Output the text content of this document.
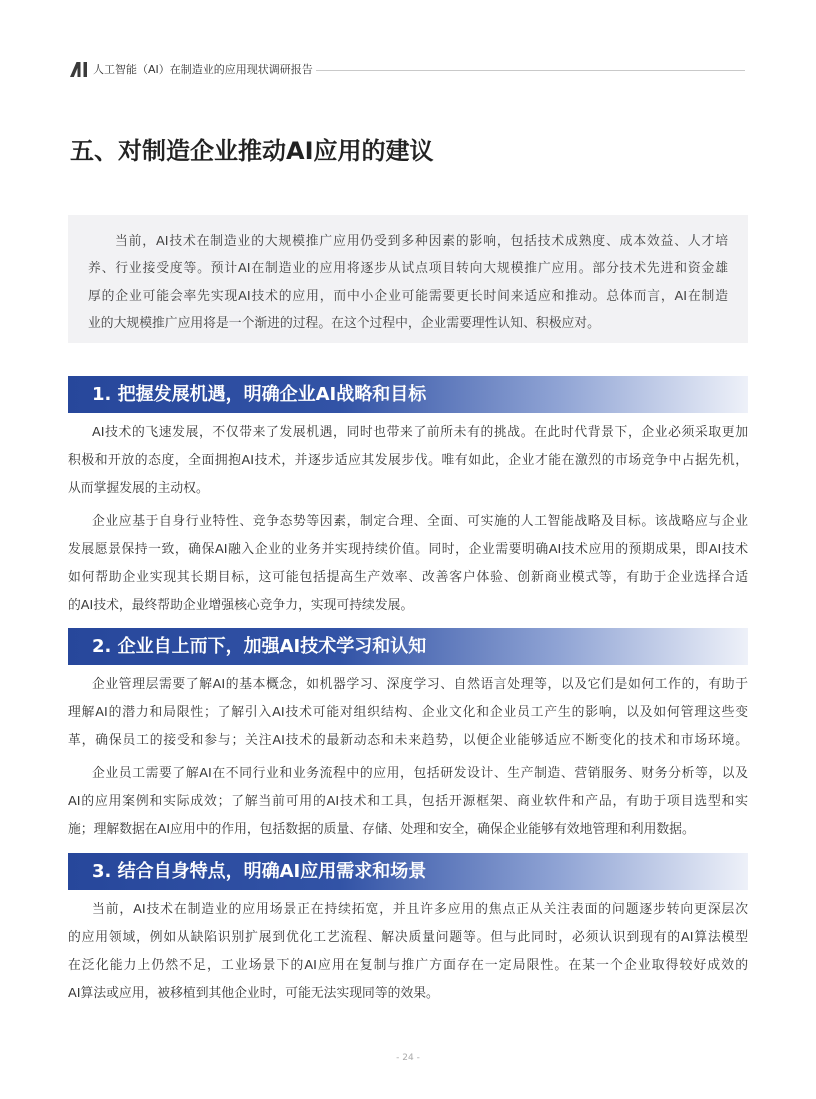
人工智能（AI）在制造业的应用现状调研报告
五、对制造企业推动AI应用的建议
当前，AI技术在制造业的大规模推广应用仍受到多种因素的影响，包括技术成熟度、成本效益、人才培
养、行业接受度等。预计AI在制造业的应用将逐步从试点项目转向大规模推广应用。部分技术先进和资金雄
厚的企业可能会率先实现AI技术的应用，而中小企业可能需要更长时间来适应和推动。总体而言，AI在制造
业的大规模推广应用将是一个渐进的过程。在这个过程中，企业需要理性认知、积极应对。
1. 把握发展机遇，明确企业AI战略和目标
AI技术的飞速发展，不仅带来了发展机遇，同时也带来了前所未有的挑战。在此时代背景下，企业必须采取更加
积极和开放的态度，全面拥抱AI技术，并逐步适应其发展步伐。唯有如此，企业才能在激烈的市场竞争中占据先机，
从而掌握发展的主动权。
企业应基于自身行业特性、竞争态势等因素，制定合理、全面、可实施的人工智能战略及目标。该战略应与企业
发展愿景保持一致，确保AI融入企业的业务并实现持续价值。同时，企业需要明确AI技术应用的预期成果，即AI技术
如何帮助企业实现其长期目标，这可能包括提高生产效率、改善客户体验、创新商业模式等，有助于企业选择合适
的AI技术，最终帮助企业增强核心竞争力，实现可持续发展。
2. 企业自上而下，加强AI技术学习和认知
企业管理层需要了解AI的基本概念，如机器学习、深度学习、自然语言处理等，以及它们是如何工作的，有助于
理解AI的潜力和局限性；了解引入AI技术可能对组织结构、企业文化和企业员工产生的影响，以及如何管理这些变
革，确保员工的接受和参与；关注AI技术的最新动态和未来趋势，以便企业能够适应不断变化的技术和市场环境。
企业员工需要了解AI在不同行业和业务流程中的应用，包括研发设计、生产制造、营销服务、财务分析等，以及
AI的应用案例和实际成效；了解当前可用的AI技术和工具，包括开源框架、商业软件和产品，有助于项目选型和实
施；理解数据在AI应用中的作用，包括数据的质量、存储、处理和安全，确保企业能够有效地管理和利用数据。
3. 结合自身特点，明确AI应用需求和场景
当前，AI技术在制造业的应用场景正在持续拓宽，并且许多应用的焦点正从关注表面的问题逐步转向更深层次
的应用领域，例如从缺陷识别扩展到优化工艺流程、解决质量问题等。但与此同时，必须认识到现有的AI算法模型
在泛化能力上仍然不足，工业场景下的AI应用在复制与推广方面存在一定局限性。在某一个企业取得较好成效的
AI算法或应用，被移植到其他企业时，可能无法实现同等的效果。
- 24 -
